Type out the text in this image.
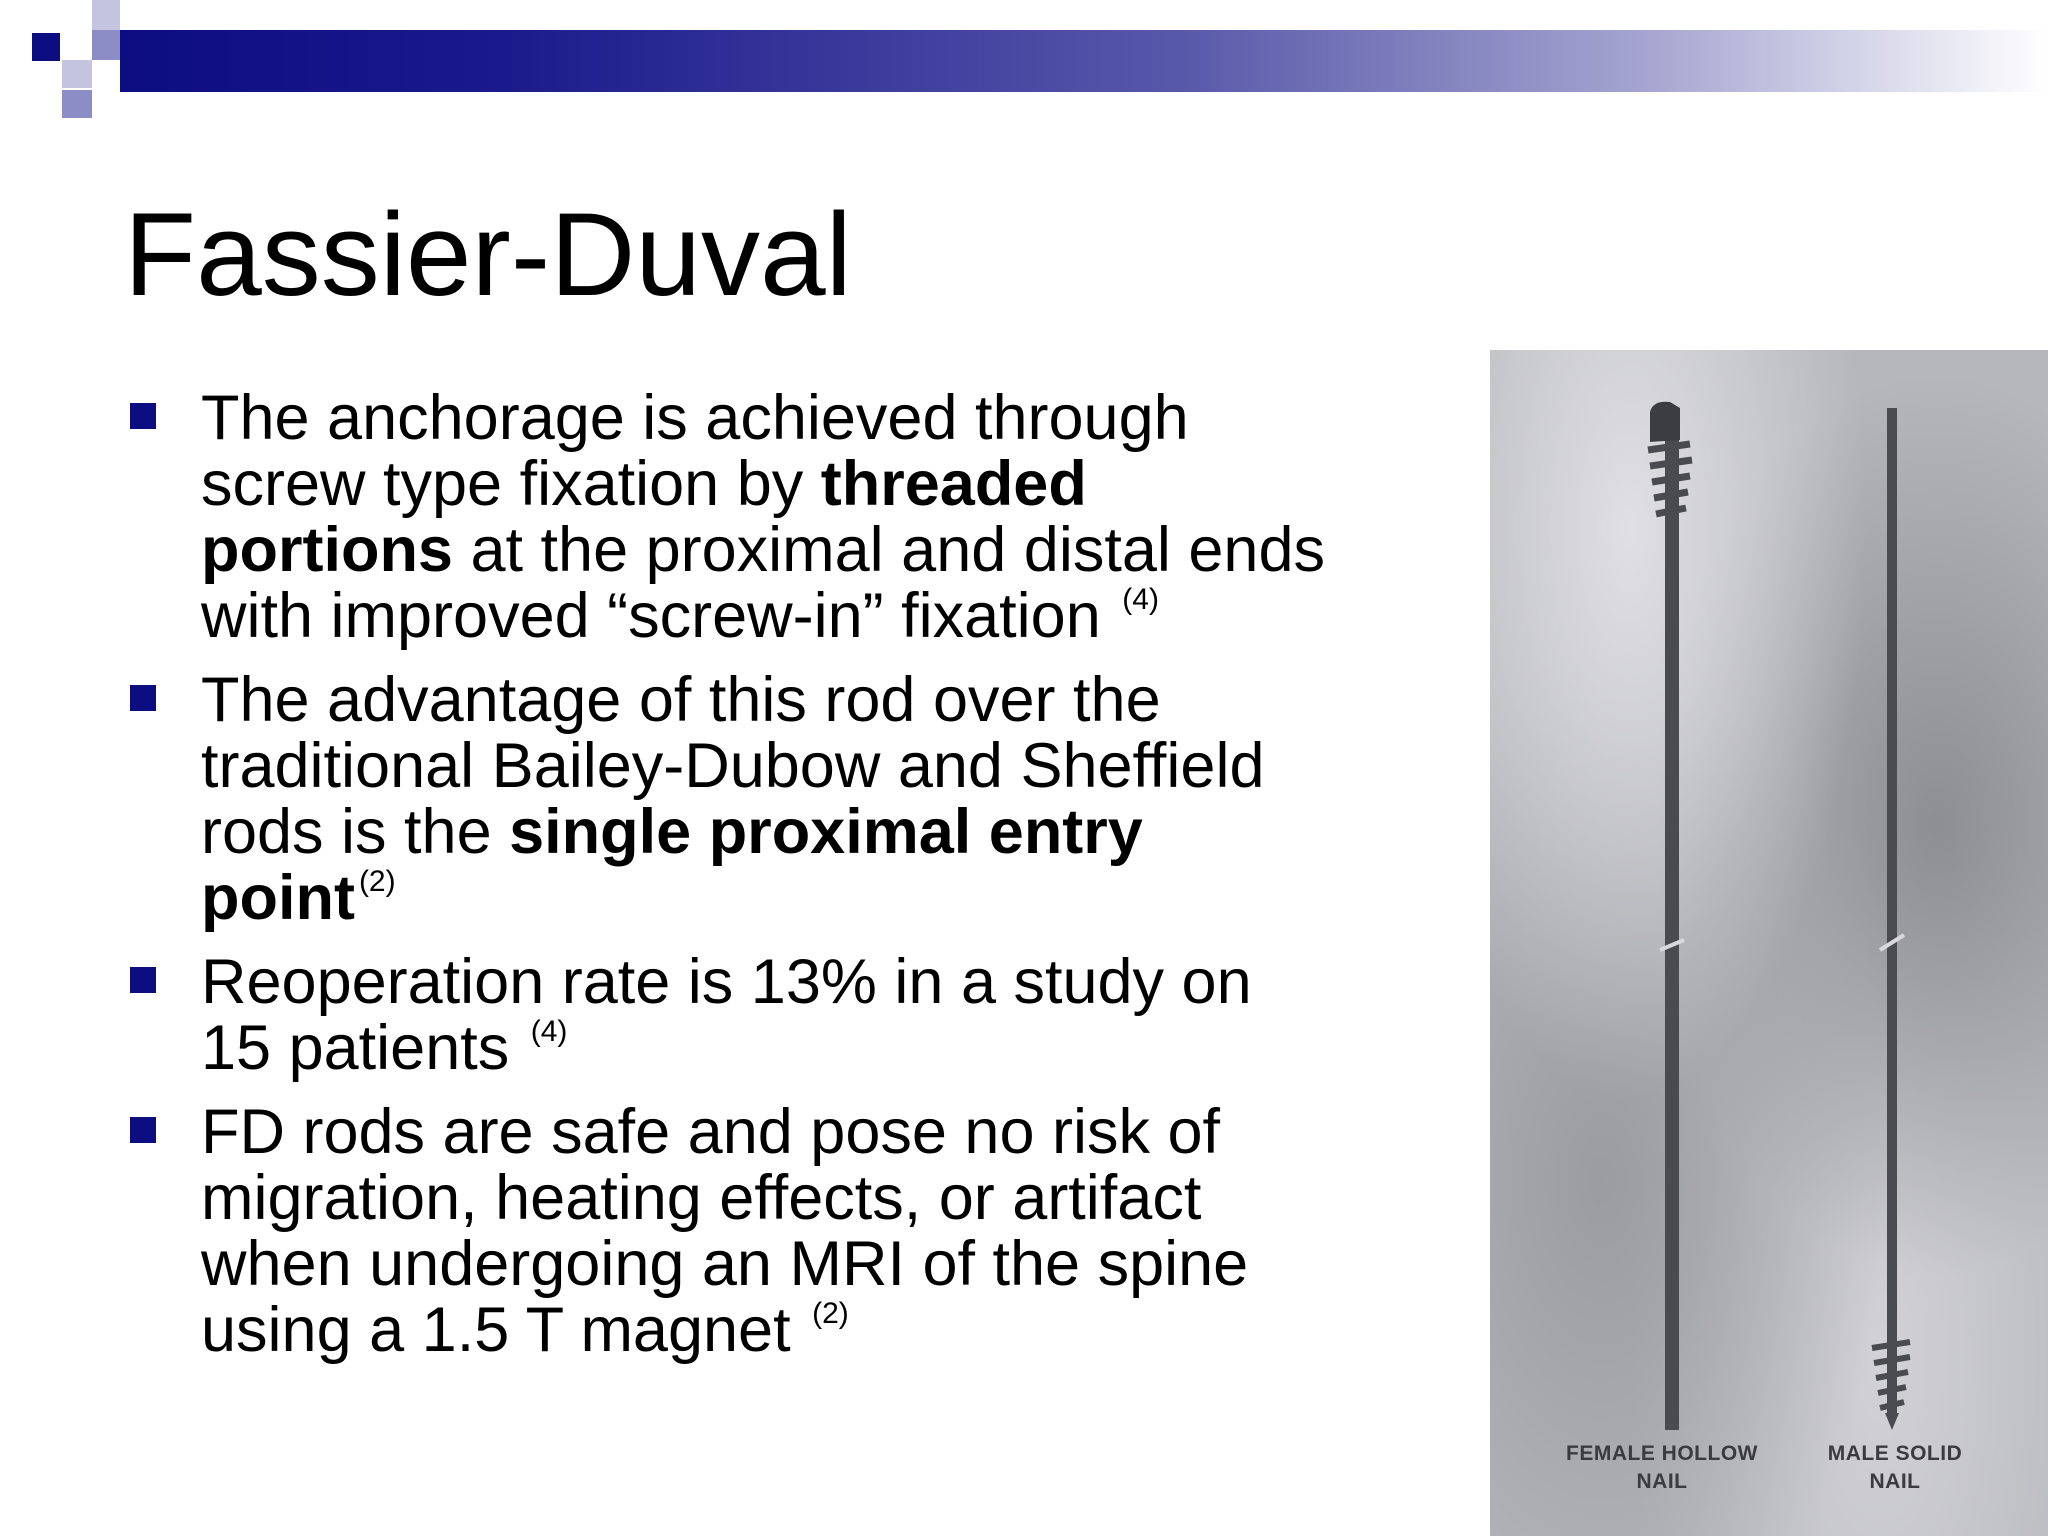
Fassier-Duval
The anchorage is achieved through
screw type fixation by threaded
portions at the proximal and distal ends
with improved “screw-in” fixation $^{(4)}$
The advantage of this rod over the
traditional Bailey-Dubow and Sheffield
rods is the single proximal entry
point $^{(2)}$
Reoperation rate is 13% in a study on
15 patients $^{(4)}$
FD rods are safe and pose no risk of
migration, heating effects, or artifact
when undergoing an MRI of the spine
using a 1.5 T magnet $^{(2)}$
FEMALE HOLLOW
NAIL
MALE SOLID
NAIL
